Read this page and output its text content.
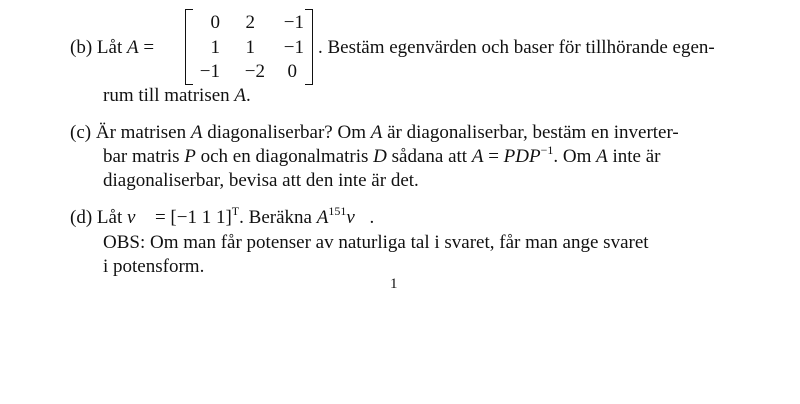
(b) Låt A =
0	2	−1
1	1	−1
−1	−2	0
. Bestäm egenvärden och baser för tillhörande egen-
rum till matrisen A.
(c) Är matrisen A diagonaliserbar? Om A är diagonaliserbar, bestäm en inverter-
bar matris P och en diagonalmatris D sådana att $A = PDP^{-1}$. Om A inte är
diagonaliserbar, bevisa att den inte är det.
(d) Låt v⃗ = [−1 1 1]$^T$. Beräkna $A^{151}v⃗$.
OBS: Om man får potenser av naturliga tal i svaret, får man ange svaret
i potensform.
1
